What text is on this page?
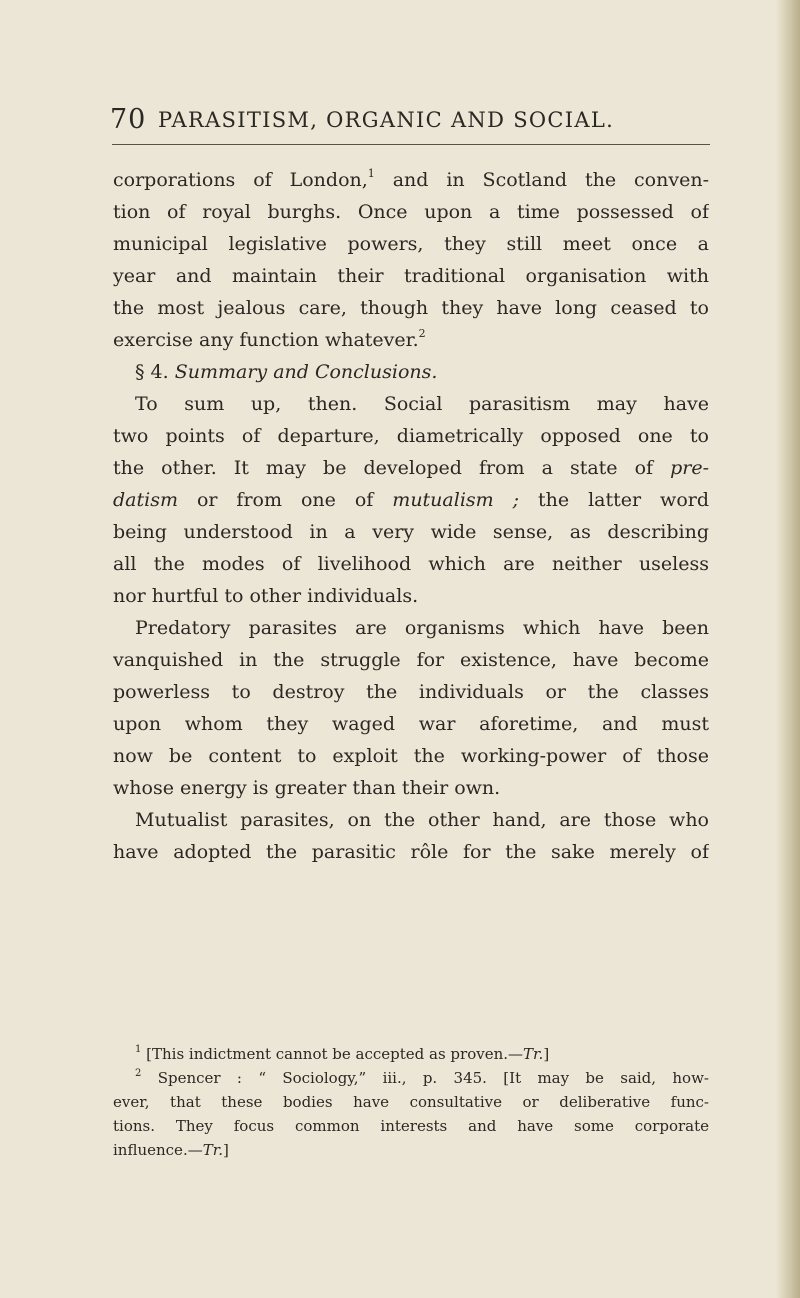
70 PARASITISM, ORGANIC AND SOCIAL.
corporations of London,$^1$ and in Scotland the conven-
tion of royal burghs. Once upon a time possessed of
municipal legislative powers, they still meet once a
year and maintain their traditional organisation with
the most jealous care, though they have long ceased to
exercise any function whatever.$^2$
§ 4. Summary and Conclusions.
To sum up, then. Social parasitism may have
two points of departure, diametrically opposed one to
the other. It may be developed from a state of pre-
datism or from one of mutualism ; the latter word
being understood in a very wide sense, as describing
all the modes of livelihood which are neither useless
nor hurtful to other individuals.
Predatory parasites are organisms which have been
vanquished in the struggle for existence, have become
powerless to destroy the individuals or the classes
upon whom they waged war aforetime, and must
now be content to exploit the working-power of those
whose energy is greater than their own.
Mutualist parasites, on the other hand, are those who
have adopted the parasitic rôle for the sake merely of
$^1$ [This indictment cannot be accepted as proven.—Tr.]
$^2$ Spencer : “ Sociology,” iii., p. 345. [It may be said, how-
ever, that these bodies have consultative or deliberative func-
tions. They focus common interests and have some corporate
influence.—Tr.]
